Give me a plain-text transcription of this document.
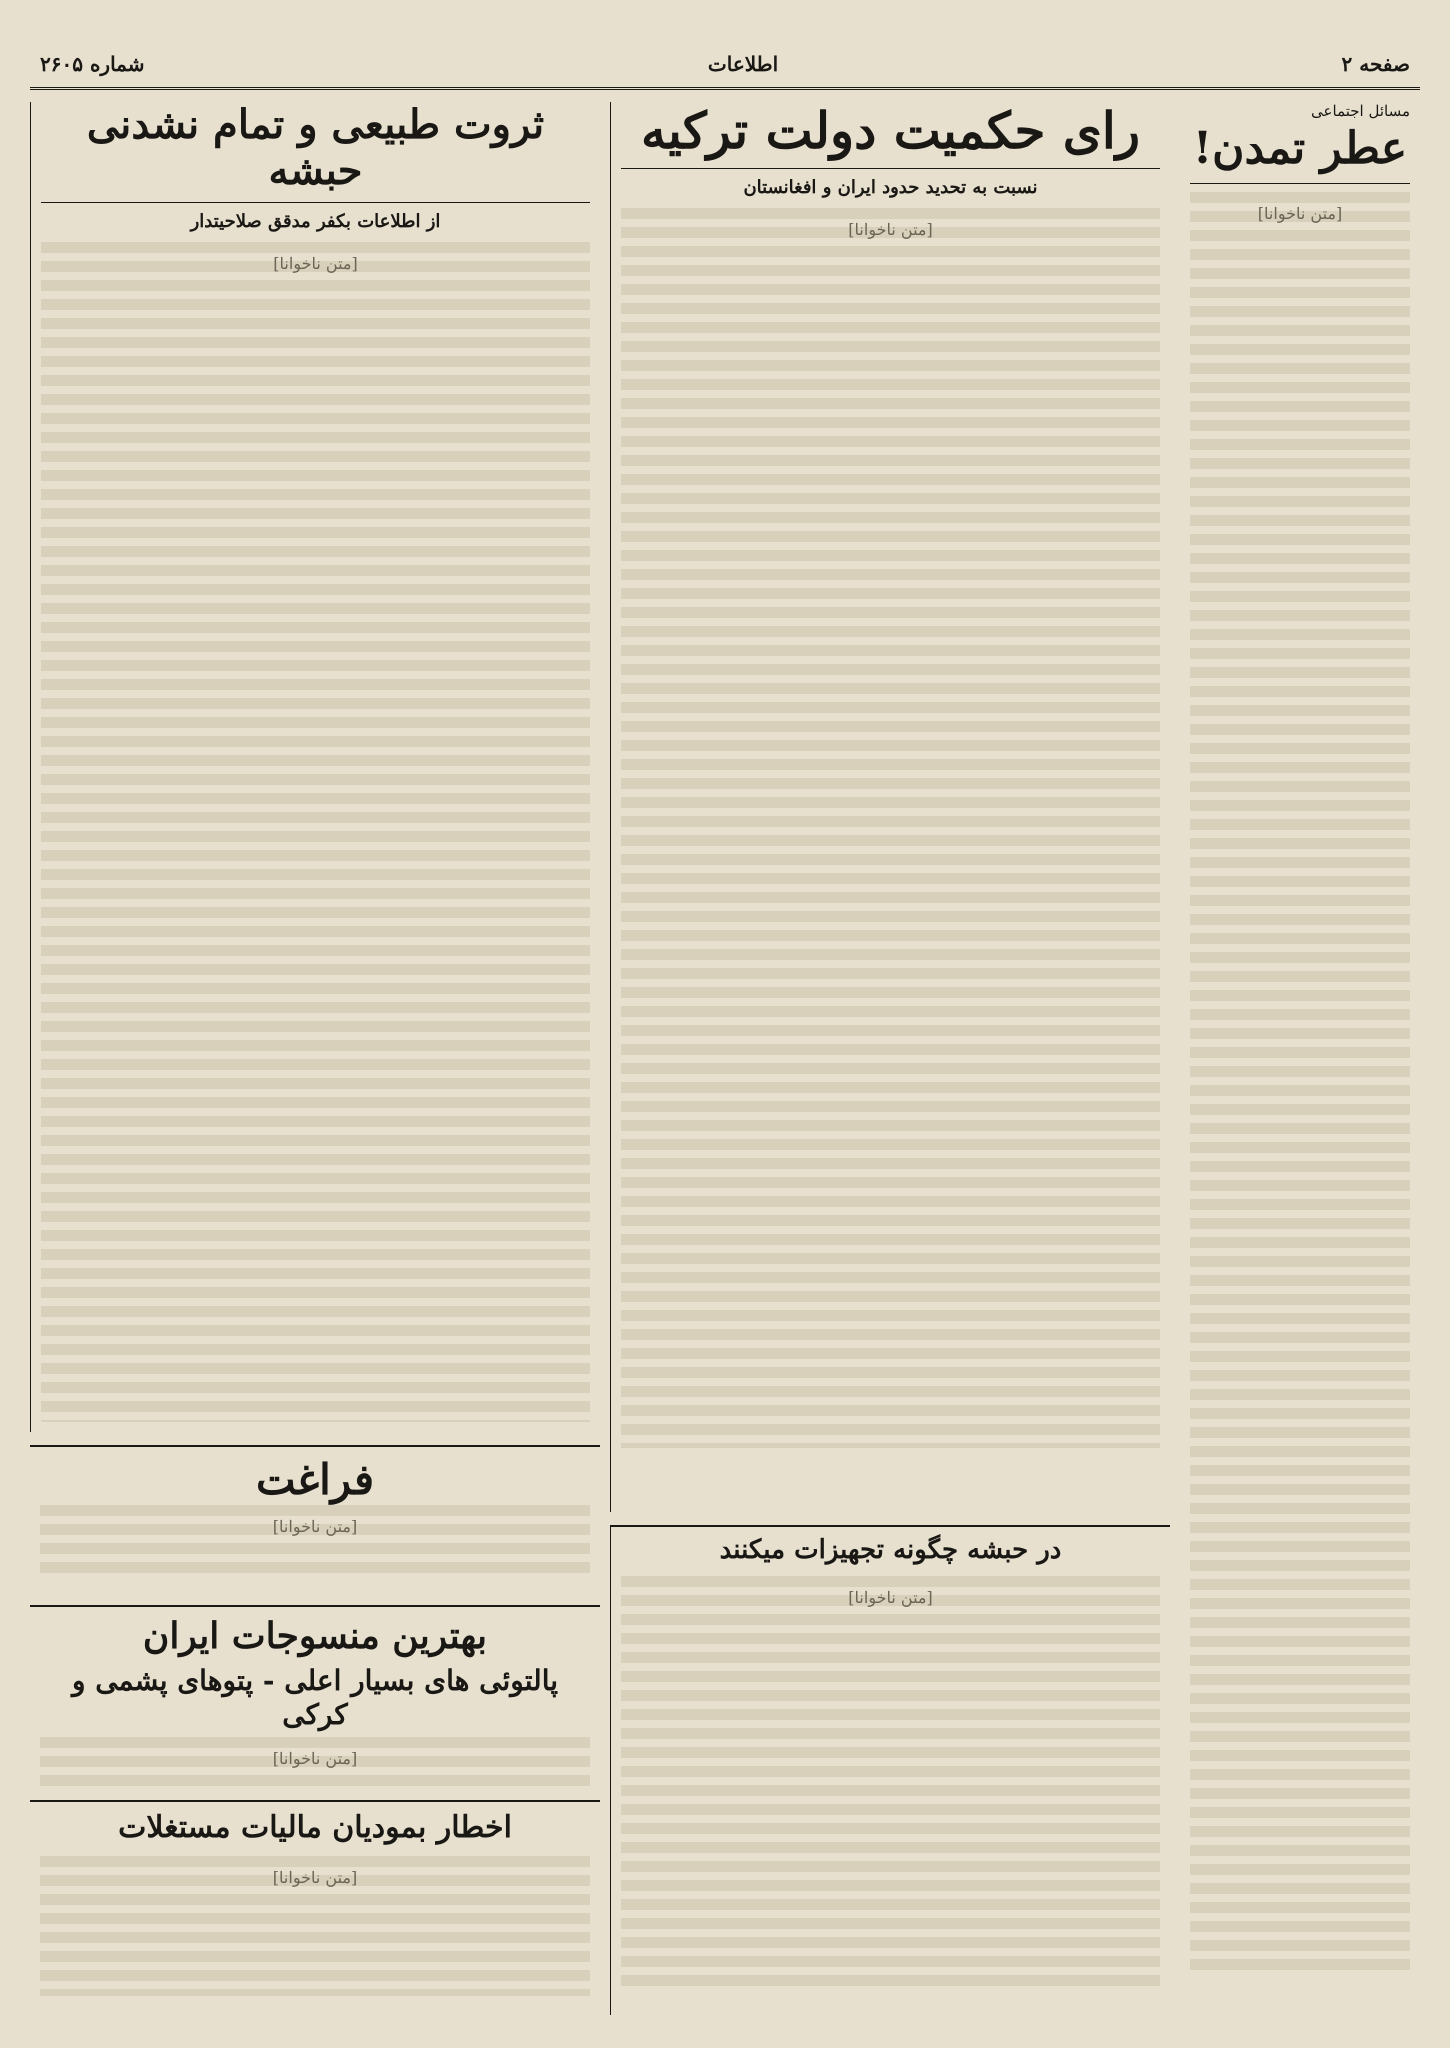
صفحه ۲
اطلاعات
شماره ۲۶۰۵
مسائل اجتماعی
عطر تمدن!
[متن ناخوانا]
رای حکمیت دولت ترکیه
نسبت به تحدید حدود ایران و افغانستان
[متن ناخوانا]
ثروت طبیعی و تمام نشدنی حبشه
از اطلاعات بکفر مدقق صلاحیتدار
[متن ناخوانا]
فراغت
[متن ناخوانا]
بهترین منسوجات ایران
پالتوئی های بسیار اعلی - پتوهای پشمی و کرکی
[متن ناخوانا]
اخطار بمودیان مالیات مستغلات
[متن ناخوانا]
در حبشه چگونه تجهیزات میکنند
[متن ناخوانا]
